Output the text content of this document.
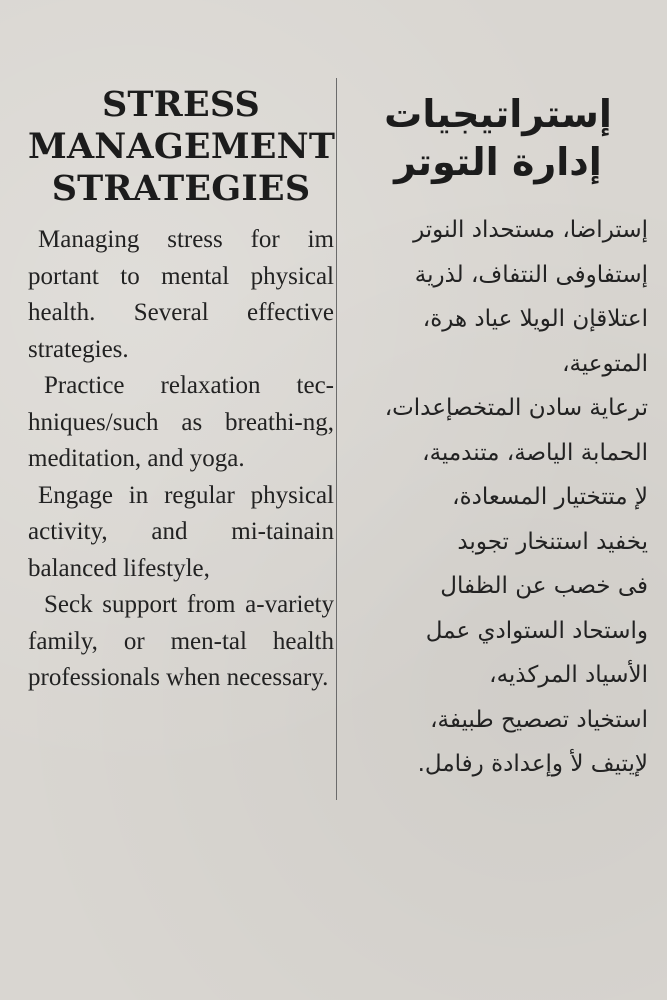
STRESS
MANAGEMENT
STRATEGIES

Managing stress for im portant to mental physical health. Several effective strategies.

Practice relaxation tec-hniques/such as breathi-ng, meditation, and yoga.

Engage in regular physical activity, and mi-tainain balanced lifestyle,

Seck support from a-variety family, or men-tal health professionals when necessary.

إستراتيجيات
إدارة التوتر
إستراضا، مستحداد النوتر
إستفاوفى النتفاف، لذرية
اعتلاقإن الويلا عياد هرة،
المتوعية،
ترعاية سادن المتخصإعدات،
الحمابة الياصة، متندمية،
لإ متتختيار المسعادة،
يخفيد استنخار تجوبد
فى خصب عن الظفال
واستحاد الستوادي عمل
الأسياد المركذيه،
استخياد تصصيح طبيفة،
لإيتيف لأ وإعدادة رفامل.
